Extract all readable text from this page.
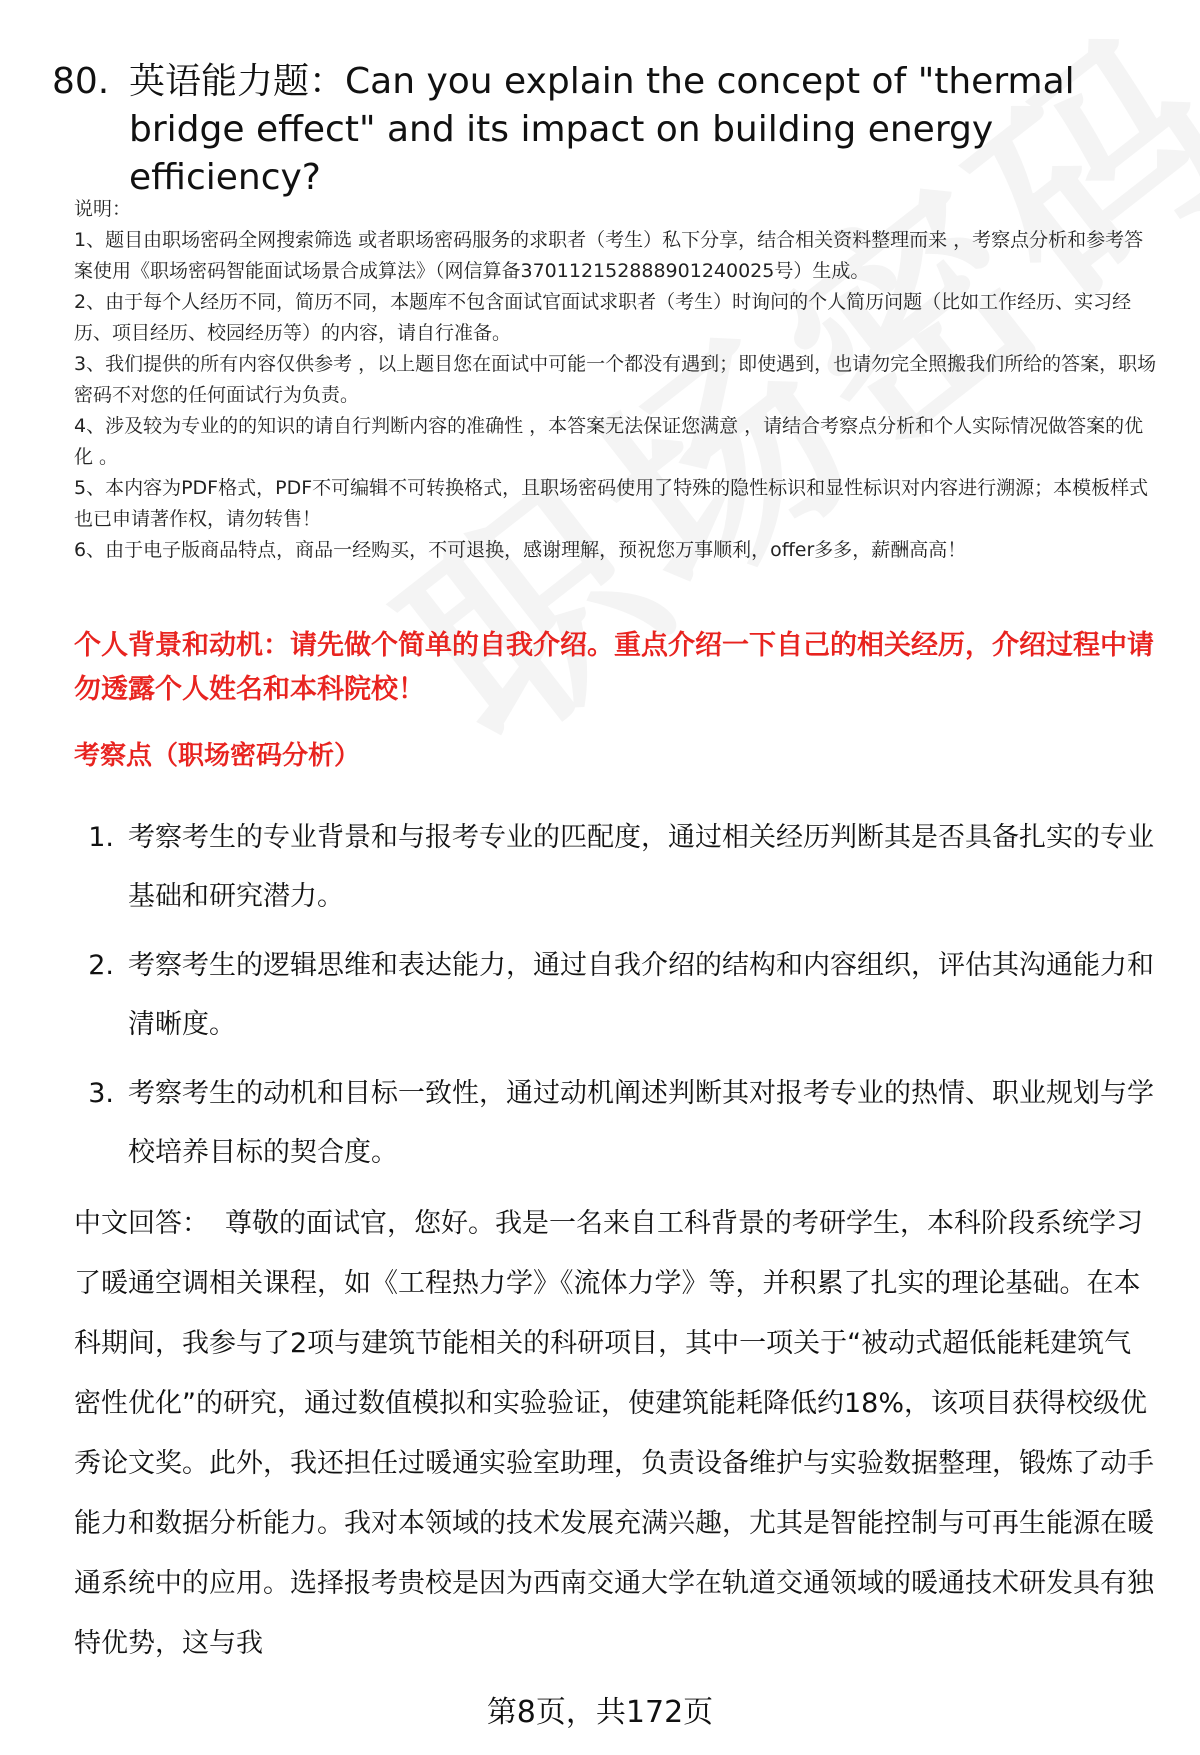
80. 英语能力题：Can you explain the concept of "thermal bridge effect" and its impact on building energy efficiency?

说明：

1、题目由职场密码全网搜索筛选 或者职场密码服务的求职者（考生）私下分享，结合相关资料整理而来 ，考察点分析和参考答案使用《职场密码智能面试场景合成算法》（网信算备370112152888901240025号）生成。

2、由于每个人经历不同，简历不同，本题库不包含面试官面试求职者（考生）时询问的个人简历问题（比如工作经历、实习经历、项目经历、校园经历等）的内容，请自行准备。

3、我们提供的所有内容仅供参考 ，以上题目您在面试中可能一个都没有遇到；即使遇到，也请勿完全照搬我们所给的答案，职场密码不对您的任何面试行为负责。

4、涉及较为专业的的知识的请自行判断内容的准确性 ，本答案无法保证您满意 ，请结合考察点分析和个人实际情况做答案的优化 。

5、本内容为PDF格式，PDF不可编辑不可转换格式，且职场密码使用了特殊的隐性标识和显性标识对内容进行溯源；本模板样式也已申请著作权，请勿转售！

6、由于电子版商品特点，商品一经购买，不可退换，感谢理解，预祝您万事顺利，offer多多，薪酬高高！

个人背景和动机：请先做个简单的自我介绍。重点介绍一下自己的相关经历，介绍过程中请勿透露个人姓名和本科院校！
考察点（职场密码分析）
1. 考察考生的专业背景和与报考专业的匹配度，通过相关经历判断其是否具备扎实的专业基础和研究潜力。
2. 考察考生的逻辑思维和表达能力，通过自我介绍的结构和内容组织，评估其沟通能力和清晰度。
3. 考察考生的动机和目标一致性，通过动机阐述判断其对报考专业的热情、职业规划与学校培养目标的契合度。

中文回答： 尊敬的面试官，您好。我是一名来自工科背景的考研学生，本科阶段系统学习了暖通空调相关课程，如《工程热力学》《流体力学》等，并积累了扎实的理论基础。在本科期间，我参与了2项与建筑节能相关的科研项目，其中一项关于“被动式超低能耗建筑气密性优化”的研究，通过数值模拟和实验验证，使建筑能耗降低约18%，该项目获得校级优秀论文奖。此外，我还担任过暖通实验室助理，负责设备维护与实验数据整理，锻炼了动手能力和数据分析能力。我对本领域的技术发展充满兴趣，尤其是智能控制与可再生能源在暖通系统中的应用。选择报考贵校是因为西南交通大学在轨道交通领域的暖通技术研发具有独特优势，这与我

第8页，共172页
